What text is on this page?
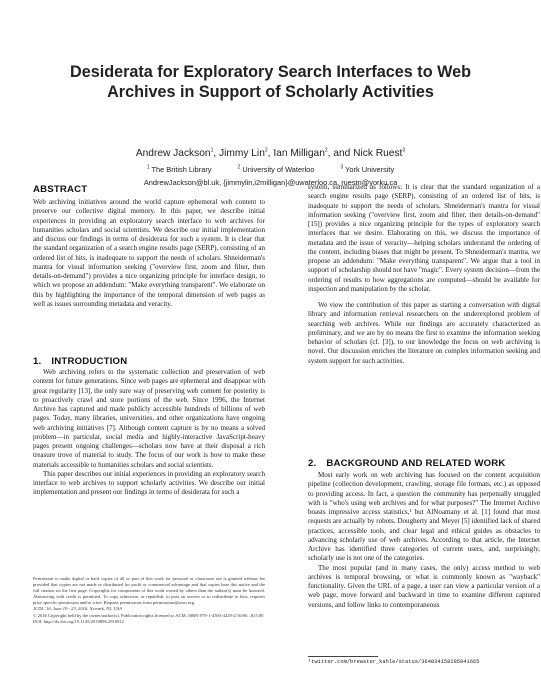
Desiderata for Exploratory Search Interfaces to Web
Archives in Support of Scholarly Activities
Andrew Jackson$^1$, Jimmy Lin$^2$, Ian Milligan$^2$, and Nick Ruest$^3$
$^1$ The British Library	$^2$ University of Waterloo	$^3$ York University
AndrewJackson@bl.uk, {jimmylin,i2milligan}@uwaterloo.ca, ruestn@yorku.ca
ABSTRACT

Web archiving initiatives around the world capture ephemeral web content to preserve our collective digital memory. In this paper, we describe initial experiences in providing an exploratory search interface to web archives for humanities scholars and social scientists. We describe our initial implementation and discuss our findings in terms of desiderata for such a system. It is clear that the standard organization of a search engine results page (SERP), consisting of an ordered list of hits, is inadequate to support the needs of scholars. Shneiderman's mantra for visual information seeking ("overview first, zoom and filter, then details-on-demand") provides a nice organizing principle for interface design, to which we propose an addendum: "Make everything transparent". We elaborate on this by highlighting the importance of the temporal dimension of web pages as well as issues surrounding metadata and veracity.

1. INTRODUCTION

Web archiving refers to the systematic collection and preservation of web content for future generations. Since web pages are ephemeral and disappear with great regularity [13], the only sure way of preserving web content for posterity is to proactively crawl and store portions of the web. Since 1996, the Internet Archive has captured and made publicly accessible hundreds of billions of web pages. Today, many libraries, universities, and other organizations have ongoing web archiving initiatives [7]. Although content capture is by no means a solved problem—in particular, social media and highly-interactive JavaScript-heavy pages present ongoing challenges—scholars now have at their disposal a rich treasure trove of material to study. The focus of our work is how to make these materials accessible to humanities scholars and social scientists.

This paper describes our initial experiences in providing an exploratory search interface to web archives to support scholarly activities. We describe our initial implementation and present our findings in terms of desiderata for such a

Permission to make digital or hard copies of all or part of this work for personal or classroom use is granted without fee provided that copies are not made or distributed for profit or commercial advantage and that copies bear this notice and the full citation on the first page. Copyrights for components of this work owned by others than the author(s) must be honored. Abstracting with credit is permitted. To copy otherwise, or republish, to post on servers or to redistribute to lists, requires prior specific permission and/or a fee. Request permissions from permissions@acm.org.

JCDL '16, June 19 - 23, 2016, Newark, NJ, USA

© 2016 Copyright held by the owner/author(s). Publication rights licensed to ACM. ISBN 978-1-4503-4229-2/16/06...$15.00

DOI: http://dx.doi.org/10.1145/2910896.2910912

system, summarized as follows: It is clear that the standard organization of a search engine results page (SERP), consisting of an ordered list of hits, is inadequate to support the needs of scholars. Shneiderman's mantra for visual information seeking ("overview first, zoom and filter, then details-on-demand" [15]) provides a nice organizing principle for the types of exploratory search interfaces that we desire. Elaborating on this, we discuss the importance of metadata and the issue of veracity—helping scholars understand the ordering of the content, including biases that might be present. To Shneiderman's mantra, we propose an addendum: "Make everything transparent". We argue that a tool in support of scholarship should not have "magic". Every system decision—from the ordering of results to how aggregations are computed—should be available for inspection and manipulation by the scholar.

We view the contribution of this paper as starting a conversation with digital library and information retrieval researchers on the underexplored problem of searching web archives. While our findings are accurately characterized as preliminary, and we are by no means the first to examine the information seeking behavior of scholars (cf. [3]), to our knowledge the focus on web archiving is novel. Our discussion enriches the literature on complex information seeking and system support for such activities.

2. BACKGROUND AND RELATED WORK

Most early work on web archiving has focused on the content acquisition pipeline (collection development, crawling, storage file formats, etc.) as opposed to providing access. In fact, a question the community has perpetually struggled with is "who's using web archives and for what purposes?" The Internet Archive boasts impressive access statistics,¹ but AlNoamany et al. [1] found that most requests are actually by robots. Dougherty and Meyer [5] identified lack of shared practices, accessible tools, and clear legal and ethical guides as obstacles to advancing scholarly use of web archives. According to that article, the Internet Archive has identified three categories of current users, and, surprisingly, scholarly use is not one of the categories.

The most popular (and in many cases, the only) access method to web archives is temporal browsing, or what is commonly known as "wayback" functionality. Given the URL of a page, a user can view a particular version of a web page, move forward and backward in time to examine different captured versions, and follow links to contemporaneous

¹twitter.com/brewster_kahle/status/364834158285041665
